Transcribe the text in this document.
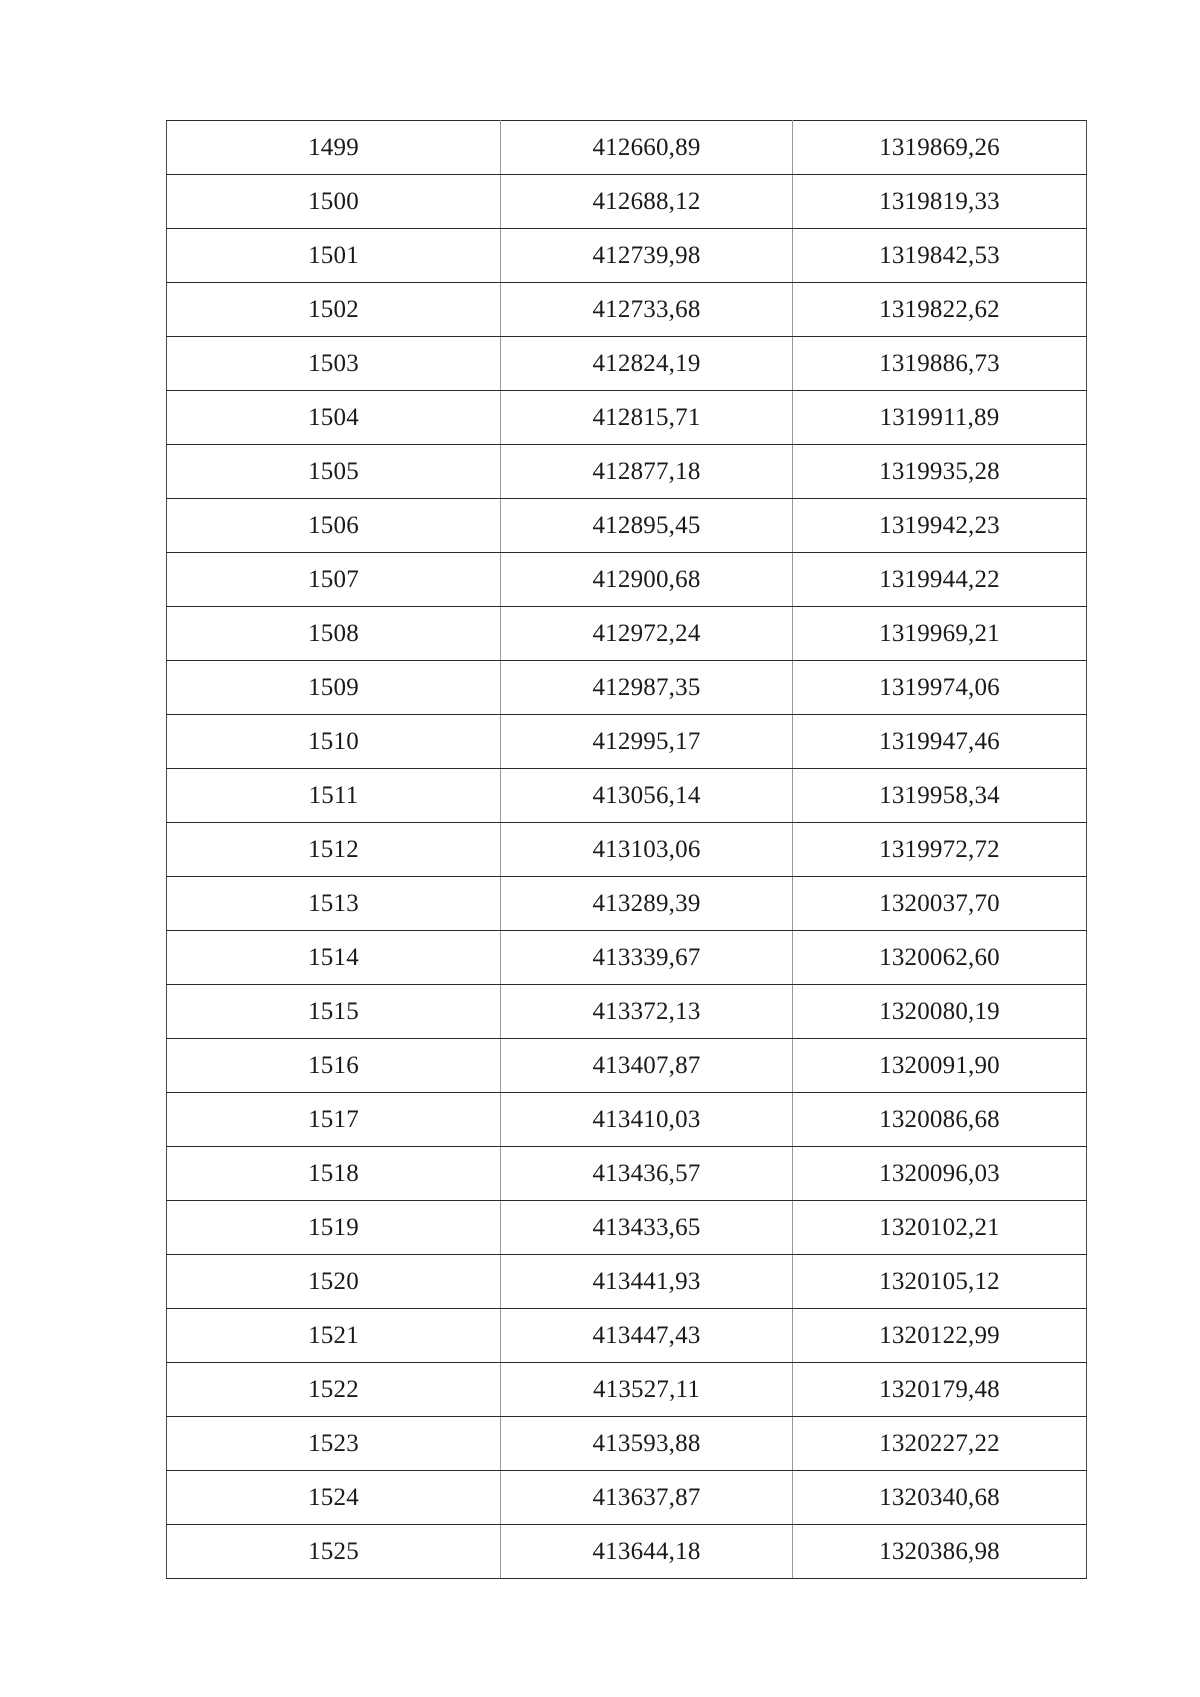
1499	412660,89	1319869,26
1500	412688,12	1319819,33
1501	412739,98	1319842,53
1502	412733,68	1319822,62
1503	412824,19	1319886,73
1504	412815,71	1319911,89
1505	412877,18	1319935,28
1506	412895,45	1319942,23
1507	412900,68	1319944,22
1508	412972,24	1319969,21
1509	412987,35	1319974,06
1510	412995,17	1319947,46
1511	413056,14	1319958,34
1512	413103,06	1319972,72
1513	413289,39	1320037,70
1514	413339,67	1320062,60
1515	413372,13	1320080,19
1516	413407,87	1320091,90
1517	413410,03	1320086,68
1518	413436,57	1320096,03
1519	413433,65	1320102,21
1520	413441,93	1320105,12
1521	413447,43	1320122,99
1522	413527,11	1320179,48
1523	413593,88	1320227,22
1524	413637,87	1320340,68
1525	413644,18	1320386,98
